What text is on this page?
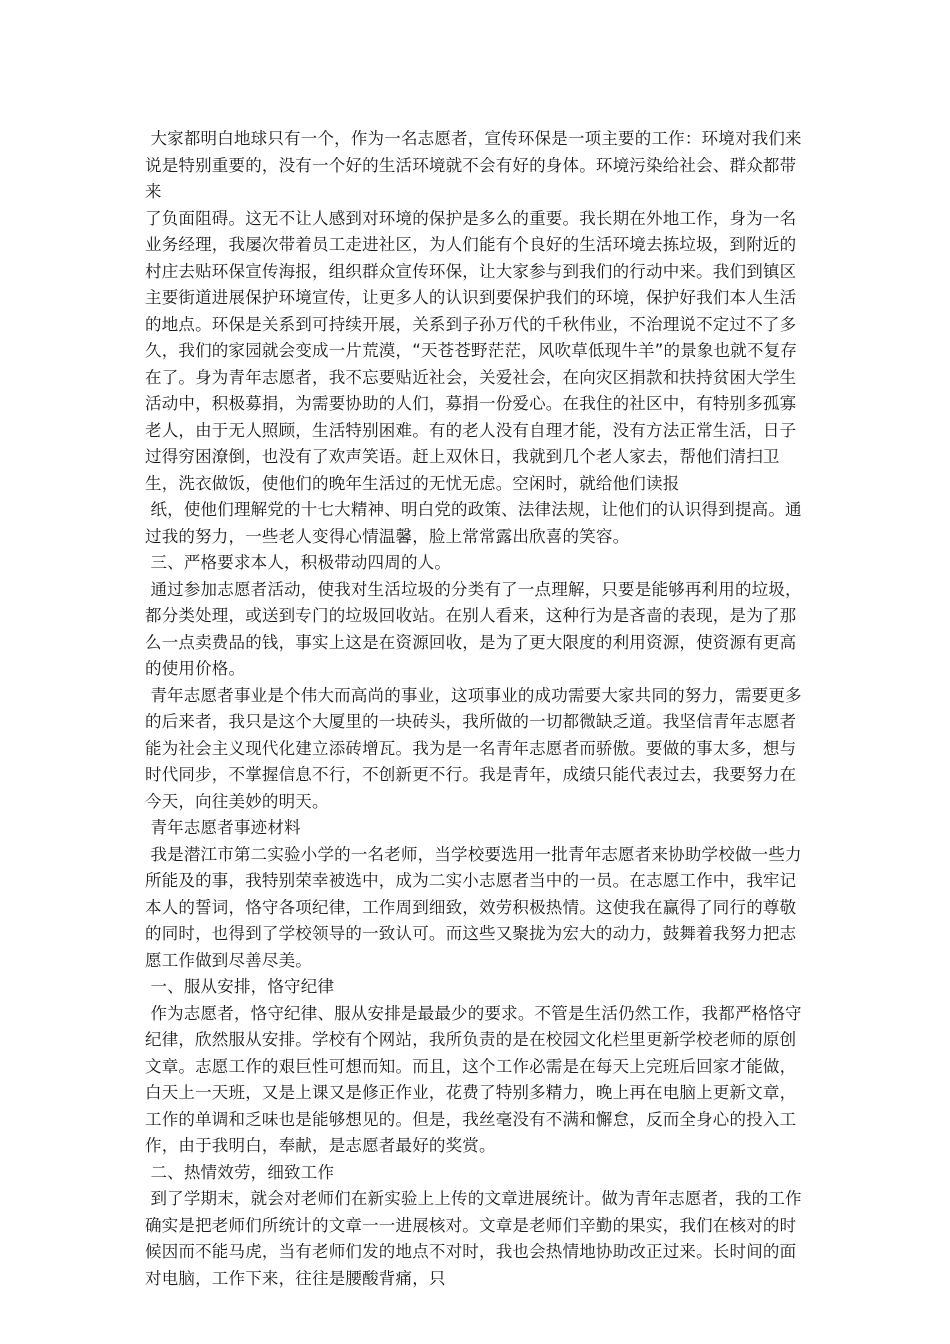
大家都明白地球只有一个，作为一名志愿者，宣传环保是一项主要的工作：环境对我们来说是特别重要的，没有一个好的生活环境就不会有好的身体。环境污染给社会、群众都带来

了负面阻碍。这无不让人感到对环境的保护是多么的重要。我长期在外地工作，身为一名业务经理，我屡次带着员工走进社区，为人们能有个良好的生活环境去拣垃圾，到附近的村庄去贴环保宣传海报，组织群众宣传环保，让大家参与到我们的行动中来。我们到镇区主要街道进展保护环境宣传，让更多人的认识到要保护我们的环境，保护好我们本人生活的地点。环保是关系到可持续开展，关系到子孙万代的千秋伟业，不治理说不定过不了多久，我们的家园就会变成一片荒漠，“天苍苍野茫茫，风吹草低现牛羊”的景象也就不复存在了。身为青年志愿者，我不忘要贴近社会，关爱社会，在向灾区捐款和扶持贫困大学生活动中，积极募捐，为需要协助的人们，募捐一份爱心。在我住的社区中，有特别多孤寡老人，由于无人照顾，生活特别困难。有的老人没有自理才能，没有方法正常生活，日子过得穷困潦倒，也没有了欢声笑语。赶上双休日，我就到几个老人家去，帮他们清扫卫生，洗衣做饭，使他们的晚年生活过的无忧无虑。空闲时，就给他们读报

纸，使他们理解党的十七大精神、明白党的政策、法律法规，让他们的认识得到提高。通过我的努力，一些老人变得心情温馨，脸上常常露出欣喜的笑容。

三、严格要求本人，积极带动四周的人。

通过参加志愿者活动，使我对生活垃圾的分类有了一点理解，只要是能够再利用的垃圾，都分类处理，或送到专门的垃圾回收站。在别人看来，这种行为是吝啬的表现，是为了那么一点卖费品的钱，事实上这是在资源回收，是为了更大限度的利用资源，使资源有更高的使用价格。

青年志愿者事业是个伟大而高尚的事业，这项事业的成功需要大家共同的努力，需要更多的后来者，我只是这个大厦里的一块砖头，我所做的一切都微缺乏道。我坚信青年志愿者能为社会主义现代化建立添砖增瓦。我为是一名青年志愿者而骄傲。要做的事太多，想与时代同步，不掌握信息不行，不创新更不行。我是青年，成绩只能代表过去，我要努力在今天，向往美妙的明天。

青年志愿者事迹材料

我是潜江市第二实验小学的一名老师，当学校要选用一批青年志愿者来协助学校做一些力所能及的事，我特别荣幸被选中，成为二实小志愿者当中的一员。在志愿工作中，我牢记本人的誓词，恪守各项纪律，工作周到细致，效劳积极热情。这使我在赢得了同行的尊敬的同时，也得到了学校领导的一致认可。而这些又聚拢为宏大的动力，鼓舞着我努力把志愿工作做到尽善尽美。

一、服从安排，恪守纪律

作为志愿者，恪守纪律、服从安排是最最少的要求。不管是生活仍然工作，我都严格恪守纪律，欣然服从安排。学校有个网站，我所负责的是在校园文化栏里更新学校老师的原创文章。志愿工作的艰巨性可想而知。而且，这个工作必需是在每天上完班后回家才能做，白天上一天班，又是上课又是修正作业，花费了特别多精力，晚上再在电脑上更新文章，工作的单调和乏味也是能够想见的。但是，我丝毫没有不满和懈怠，反而全身心的投入工作，由于我明白，奉献，是志愿者最好的奖赏。

二、热情效劳，细致工作

到了学期末，就会对老师们在新实验上上传的文章进展统计。做为青年志愿者，我的工作确实是把老师们所统计的文章一一进展核对。文章是老师们辛勤的果实，我们在核对的时候因而不能马虎，当有老师们发的地点不对时，我也会热情地协助改正过来。长时间的面对电脑，工作下来，往往是腰酸背痛，只
